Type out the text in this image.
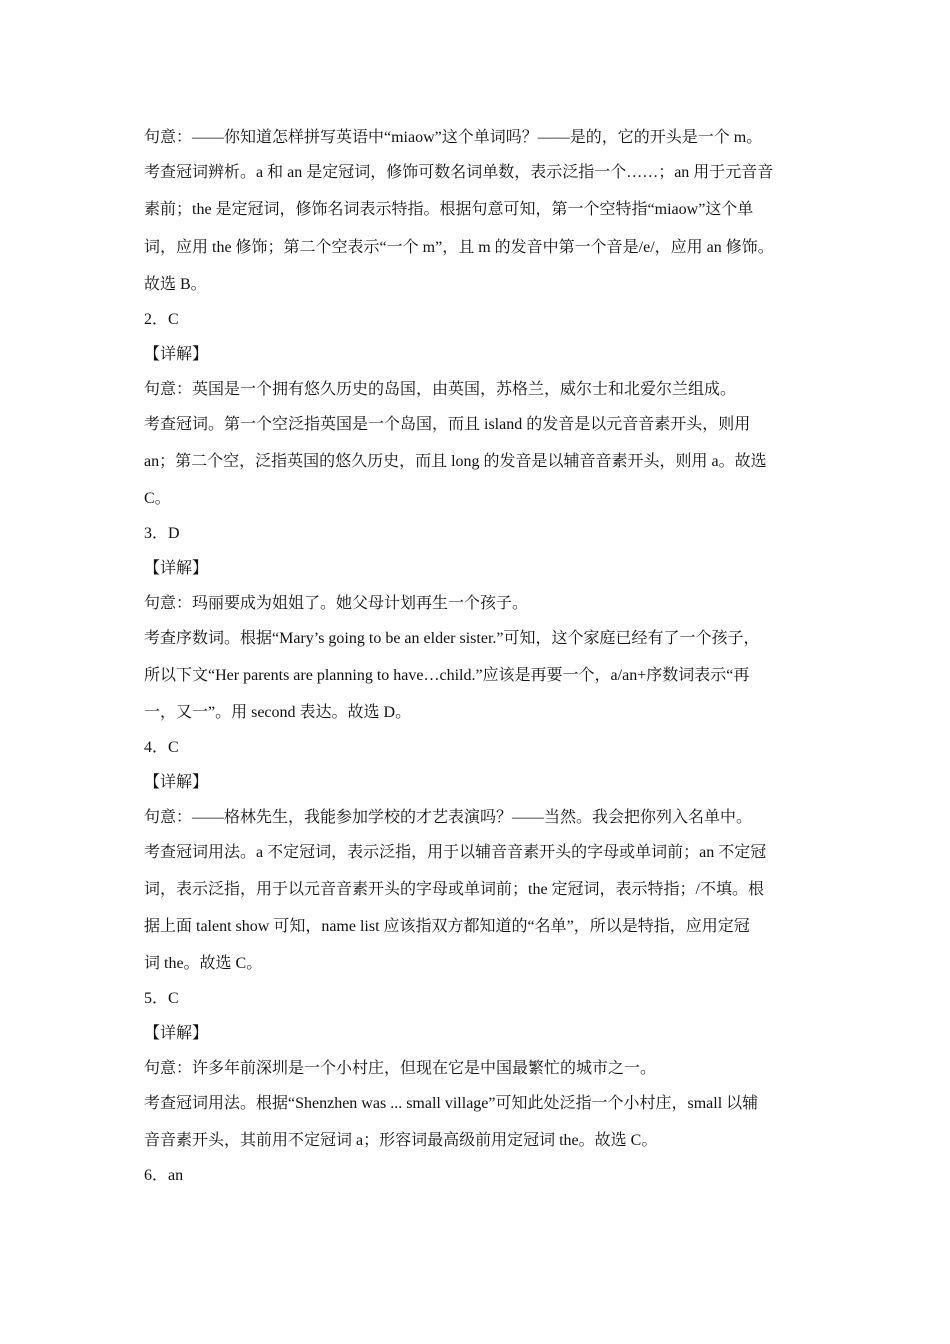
句意：——你知道怎样拼写英语中“miaow”这个单词吗？——是的，它的开头是一个 m。
考查冠词辨析。a 和 an 是定冠词，修饰可数名词单数，表示泛指一个……；an 用于元音音
素前；the 是定冠词，修饰名词表示特指。根据句意可知，第一个空特指“miaow”这个单
词，应用 the 修饰；第二个空表示“一个 m”，且 m 的发音中第一个音是/e/，应用 an 修饰。
故选 B。
2．C
【详解】
句意：英国是一个拥有悠久历史的岛国，由英国，苏格兰，威尔士和北爱尔兰组成。
考查冠词。第一个空泛指英国是一个岛国，而且 island 的发音是以元音音素开头，则用
an；第二个空，泛指英国的悠久历史，而且 long 的发音是以辅音音素开头，则用 a。故选
C。
3．D
【详解】
句意：玛丽要成为姐姐了。她父母计划再生一个孩子。
考查序数词。根据“Mary’s going to be an elder sister.”可知，这个家庭已经有了一个孩子，
所以下文“Her parents are planning to have…child.”应该是再要一个，a/an+序数词表示“再
一，又一”。用 second 表达。故选 D。
4．C
【详解】
句意：——格林先生，我能参加学校的才艺表演吗？——当然。我会把你列入名单中。
考查冠词用法。a 不定冠词，表示泛指，用于以辅音音素开头的字母或单词前；an 不定冠
词，表示泛指，用于以元音音素开头的字母或单词前；the 定冠词，表示特指；/不填。根
据上面 talent show 可知，name list 应该指双方都知道的“名单”，所以是特指，应用定冠
词 the。故选 C。
5．C
【详解】
句意：许多年前深圳是一个小村庄，但现在它是中国最繁忙的城市之一。
考查冠词用法。根据“Shenzhen was ... small village”可知此处泛指一个小村庄，small 以辅
音音素开头，其前用不定冠词 a；形容词最高级前用定冠词 the。故选 C。
6．an
